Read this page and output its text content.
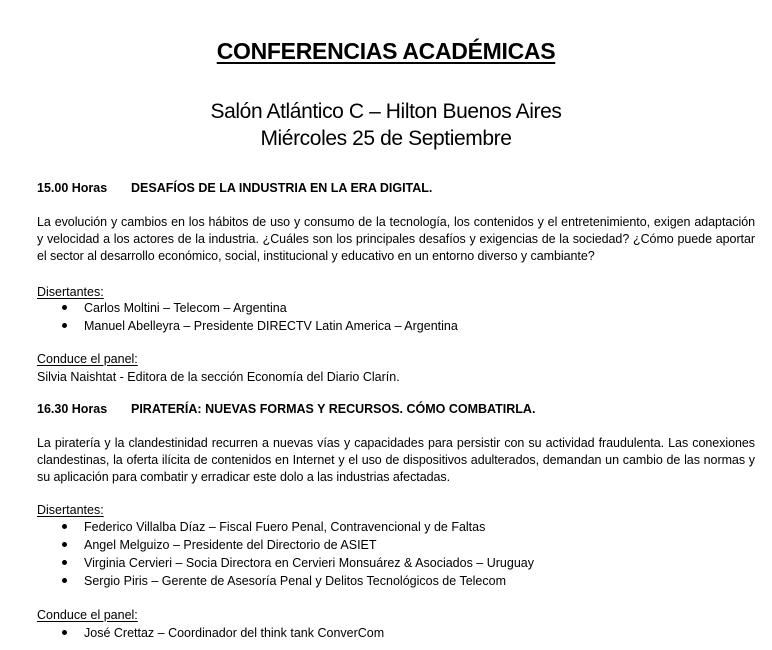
CONFERENCIAS ACADÉMICAS
Salón Atlántico C – Hilton Buenos Aires
Miércoles 25 de Septiembre
15.00 Horas DESAFÍOS DE LA INDUSTRIA EN LA ERA DIGITAL.
La evolución y cambios en los hábitos de uso y consumo de la tecnología, los contenidos y el entretenimiento, exigen adaptación y velocidad a los actores de la industria. ¿Cuáles son los principales desafíos y exigencias de la sociedad? ¿Cómo puede aportar el sector al desarrollo económico, social, institucional y educativo en un entorno diverso y cambiante?
Disertantes:
Carlos Moltini – Telecom – Argentina
Manuel Abelleyra – Presidente DIRECTV Latin America – Argentina
Conduce el panel:
Silvia Naishtat - Editora de la sección Economía del Diario Clarín.
16.30 Horas PIRATERÍA: NUEVAS FORMAS Y RECURSOS. CÓMO COMBATIRLA.
La piratería y la clandestinidad recurren a nuevas vías y capacidades para persistir con su actividad fraudulenta. Las conexiones clandestinas, la oferta ilícita de contenidos en Internet y el uso de dispositivos adulterados, demandan un cambio de las normas y su aplicación para combatir y erradicar este dolo a las industrias afectadas.
Disertantes:
Federico Villalba Díaz – Fiscal Fuero Penal, Contravencional y de Faltas
Angel Melguizo – Presidente del Directorio de ASIET
Virginia Cervieri – Socia Directora en Cervieri Monsuárez & Asociados – Uruguay
Sergio Piris – Gerente de Asesoría Penal y Delitos Tecnológicos de Telecom
Conduce el panel:
José Crettaz – Coordinador del think tank ConverCom
